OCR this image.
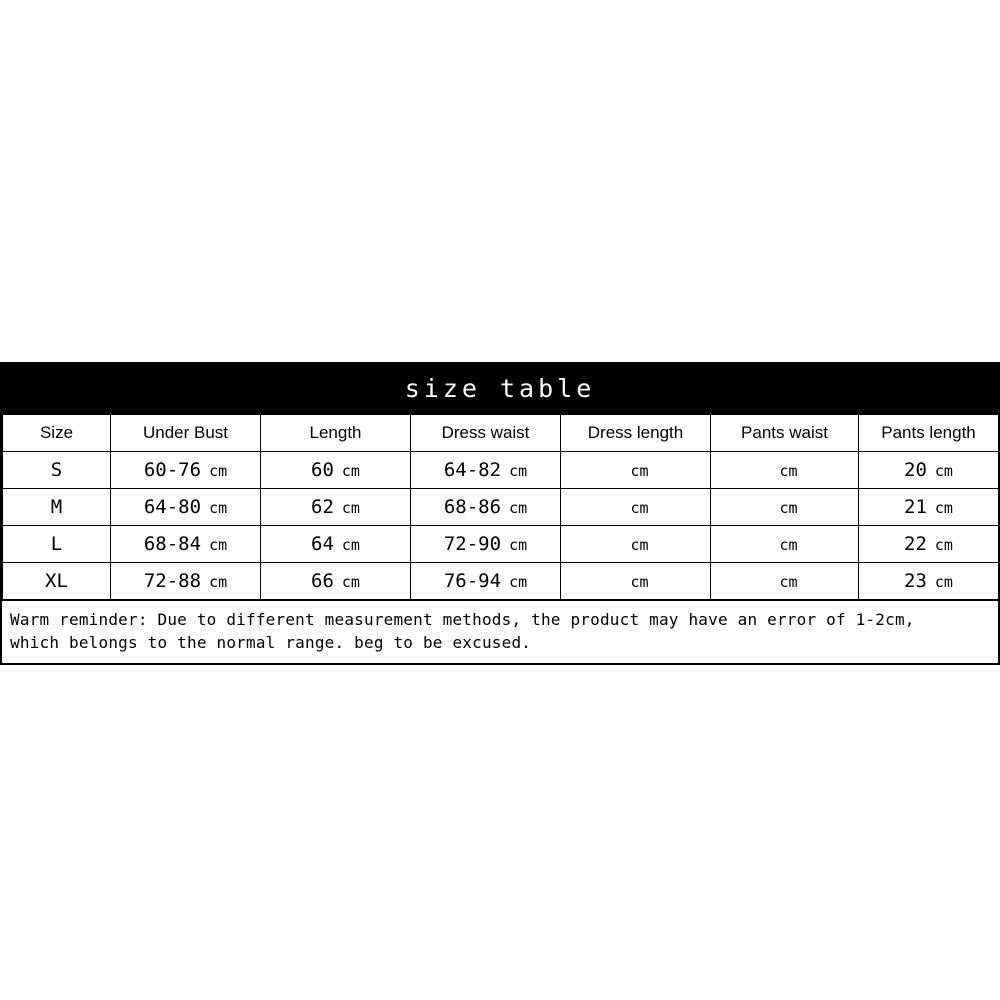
size table
Size	Under Bust	Length	Dress waist	Dress length	Pants waist	Pants length
S	60-76 cm	60 cm	64-82 cm	cm	cm	20 cm
M	64-80 cm	62 cm	68-86 cm	cm	cm	21 cm
L	68-84 cm	64 cm	72-90 cm	cm	cm	22 cm
XL	72-88 cm	66 cm	76-94 cm	cm	cm	23 cm
Warm reminder: Due to different measurement methods, the product may have an error of 1-2cm,
which belongs to the normal range. beg to be excused.
